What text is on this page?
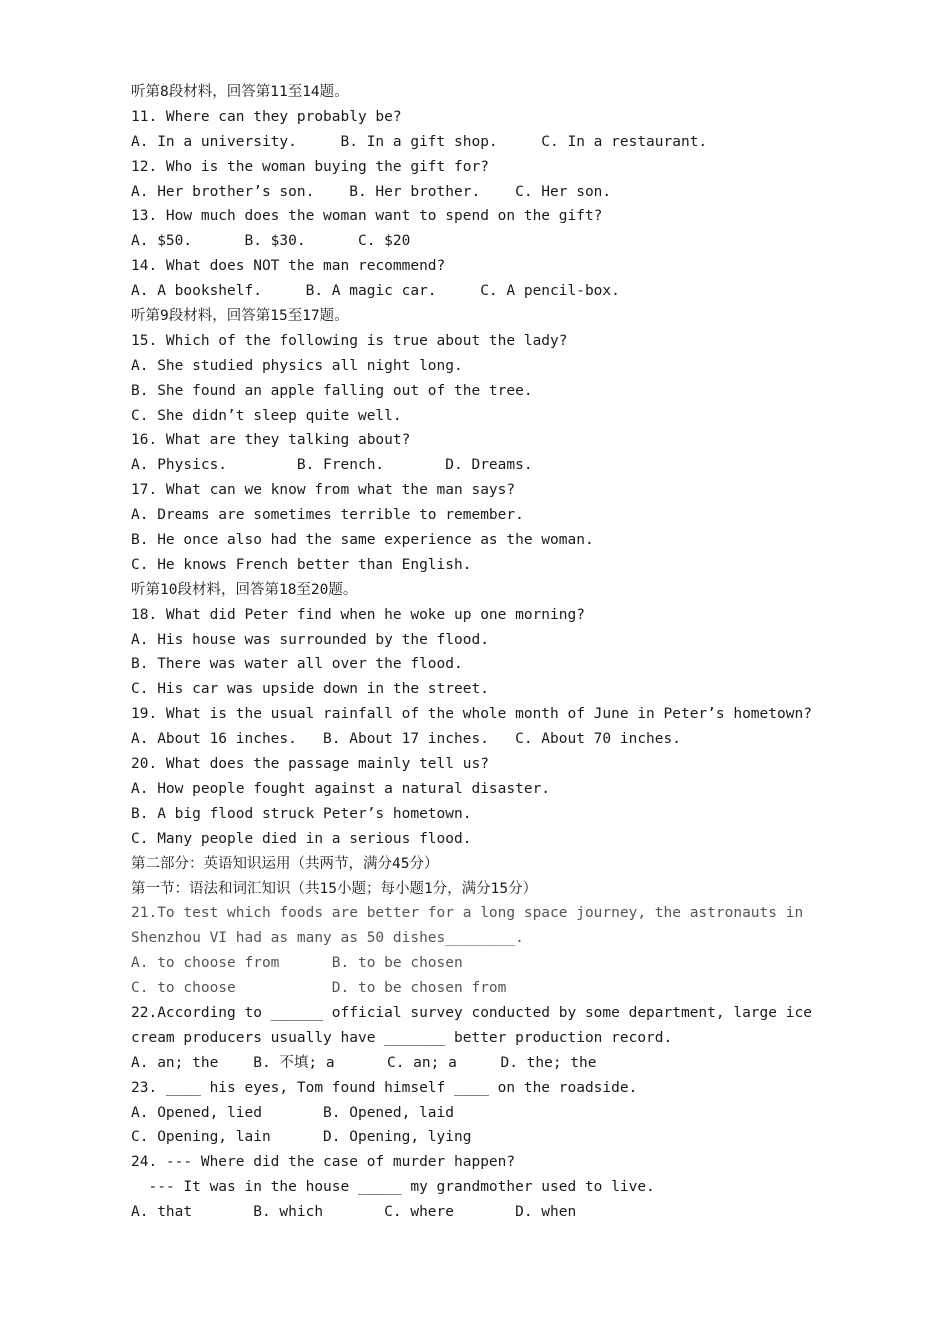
听第8段材料，回答第11至14题。
11. Where can they probably be?
A. In a university.     B. In a gift shop.     C. In a restaurant.
12. Who is the woman buying the gift for?
A. Her brother’s son.    B. Her brother.    C. Her son.
13. How much does the woman want to spend on the gift?
A. $50.      B. $30.      C. $20
14. What does NOT the man recommend?
A. A bookshelf.     B. A magic car.     C. A pencil-box.
听第9段材料，回答第15至17题。
15. Which of the following is true about the lady?
A. She studied physics all night long.
B. She found an apple falling out of the tree.
C. She didn’t sleep quite well.
16. What are they talking about?
A. Physics.        B. French.       D. Dreams.
17. What can we know from what the man says?
A. Dreams are sometimes terrible to remember.
B. He once also had the same experience as the woman.
C. He knows French better than English.
听第10段材料，回答第18至20题。
18. What did Peter find when he woke up one morning?
A. His house was surrounded by the flood.
B. There was water all over the flood.
C. His car was upside down in the street.
19. What is the usual rainfall of the whole month of June in Peter’s hometown?
A. About 16 inches.   B. About 17 inches.   C. About 70 inches.
20. What does the passage mainly tell us?
A. How people fought against a natural disaster.
B. A big flood struck Peter’s hometown.
C. Many people died in a serious flood.
第二部分：英语知识运用（共两节，满分45分）
第一节：语法和词汇知识（共15小题；每小题1分，满分15分）
21.To test which foods are better for a long space journey, the astronauts in
Shenzhou VI had as many as 50 dishes________.
A. to choose from      B. to be chosen
C. to choose           D. to be chosen from
22.According to ______ official survey conducted by some department, large ice
cream producers usually have _______ better production record.
A. an; the    B. 不填; a      C. an; a     D. the; the
23. ____ his eyes, Tom found himself ____ on the roadside.
A. Opened, lied       B. Opened, laid
C. Opening, lain      D. Opening, lying
24. --- Where did the case of murder happen?
--- It was in the house _____ my grandmother used to live.
A. that       B. which       C. where       D. when
